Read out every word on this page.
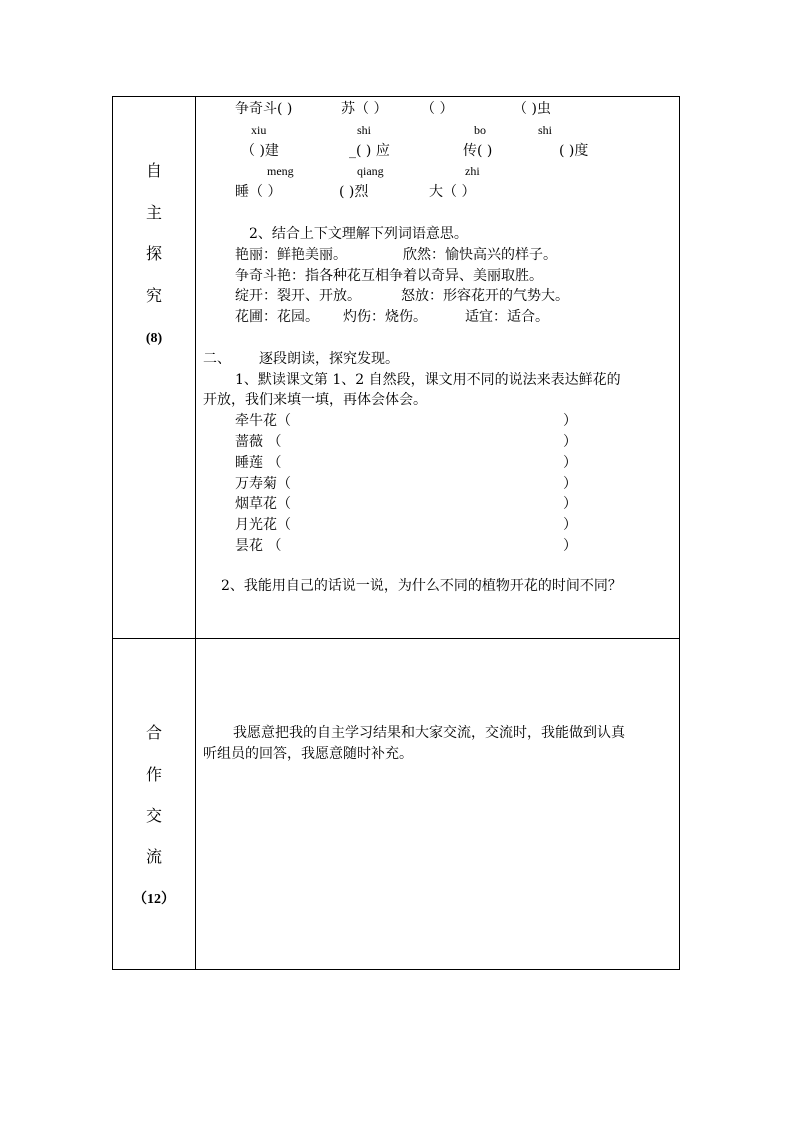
自
主
探
究
(8)
争奇斗( )	苏（ ） （ ）	（ )虫
xiu	shi	bo	shi
（ )建	_( ) 应	传( )	( )度
meng	qiang	zhi
睡（ ）	( )烈	大（ ）
2、结合上下文理解下列词语意思。
艳丽：鲜艳美丽。	欣然：愉快高兴的样子。
争奇斗艳：指各种花互相争着以奇异、美丽取胜。
绽开：裂开、开放。	怒放：形容花开的气势大。
花圃：花园。 灼伤：烧伤。	适宜：适合。
二、 逐段朗读，探究发现。
1、默读课文第 1、2 自然段，课文用不同的说法来表达鲜花的
开放，我们来填一填，再体会体会。
牵牛花（	）
蔷薇 （	）
睡莲 （	）
万寿菊（	）
烟草花（	）
月光花（	）
昙花 （	）
2、我能用自己的话说一说，为什么不同的植物开花的时间不同？
合
作
交
流
（12）
我愿意把我的自主学习结果和大家交流，交流时，我能做到认真
听组员的回答，我愿意随时补充。
